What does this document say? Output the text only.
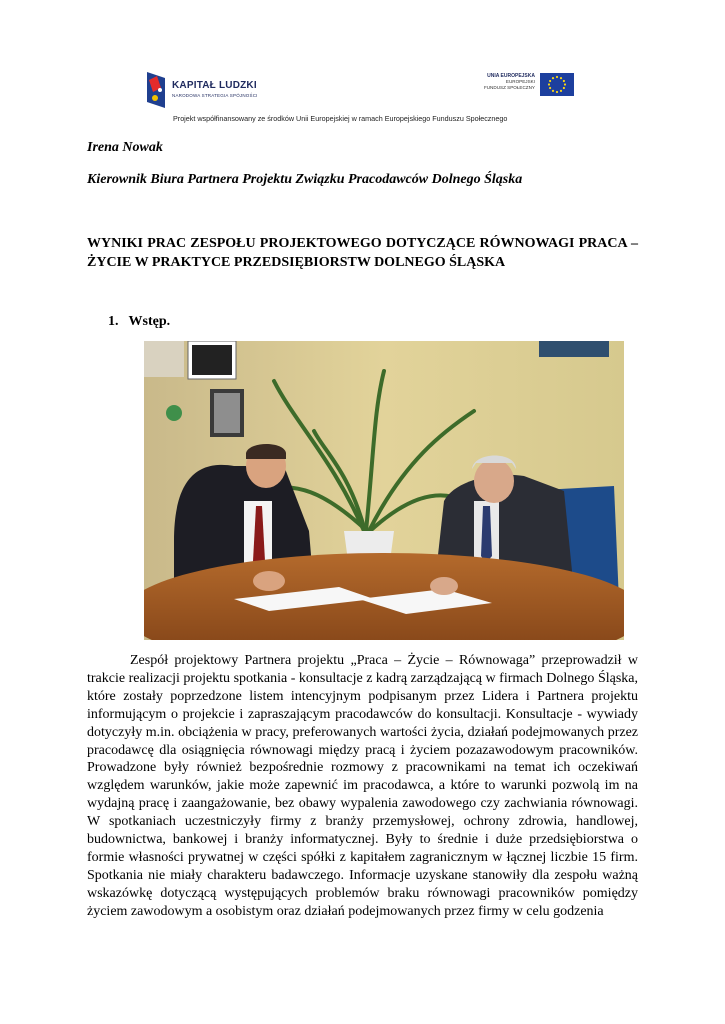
KAPITAŁ LUDZKI
NARODOWA STRATEGIA SPÓJNOŚCI
UNIA EUROPEJSKA
EUROPEJSKI
FUNDUSZ SPOŁECZNY
Projekt współfinansowany ze środków Unii Europejskiej w ramach Europejskiego Funduszu Społecznego
Irena Nowak
Kierownik Biura Partnera Projektu Związku Pracodawców Dolnego Śląska
WYNIKI PRAC ZESPOŁU PROJEKTOWEGO DOTYCZĄCE RÓWNOWAGI PRACA – ŻYCIE W PRAKTYCE PRZEDSIĘBIORSTW DOLNEGO ŚLĄSKA
1. Wstęp.

Zespół projektowy Partnera projektu „Praca – Życie – Równowaga” przeprowadził w trakcie realizacji projektu spotkania - konsultacje z kadrą zarządzającą w firmach Dolnego Śląska, które zostały poprzedzone listem intencyjnym podpisanym przez Lidera i Partnera projektu informującym o projekcie i zapraszającym pracodawców do konsultacji. Konsultacje - wywiady dotyczyły m.in. obciążenia w pracy, preferowanych wartości życia, działań podejmowanych przez pracodawcę dla osiągnięcia równowagi między pracą i życiem pozazawodowym pracowników. Prowadzone były również bezpośrednie rozmowy z pracownikami na temat ich oczekiwań względem warunków, jakie może zapewnić im pracodawca, a które to warunki pozwolą im na wydajną pracę i zaangażowanie, bez obawy wypalenia zawodowego czy zachwiania równowagi. W spotkaniach uczestniczyły firmy z branży przemysłowej, ochrony zdrowia, handlowej, budownictwa, bankowej i branży informatycznej. Były to średnie i duże przedsiębiorstwa o formie własności prywatnej w części spółki z kapitałem zagranicznym w łącznej liczbie 15 firm. Spotkania nie miały charakteru badawczego. Informacje uzyskane stanowiły dla zespołu ważną wskazówkę dotyczącą występujących problemów braku równowagi pracowników pomiędzy życiem zawodowym a osobistym oraz działań podejmowanych przez firmy w celu godzenia
